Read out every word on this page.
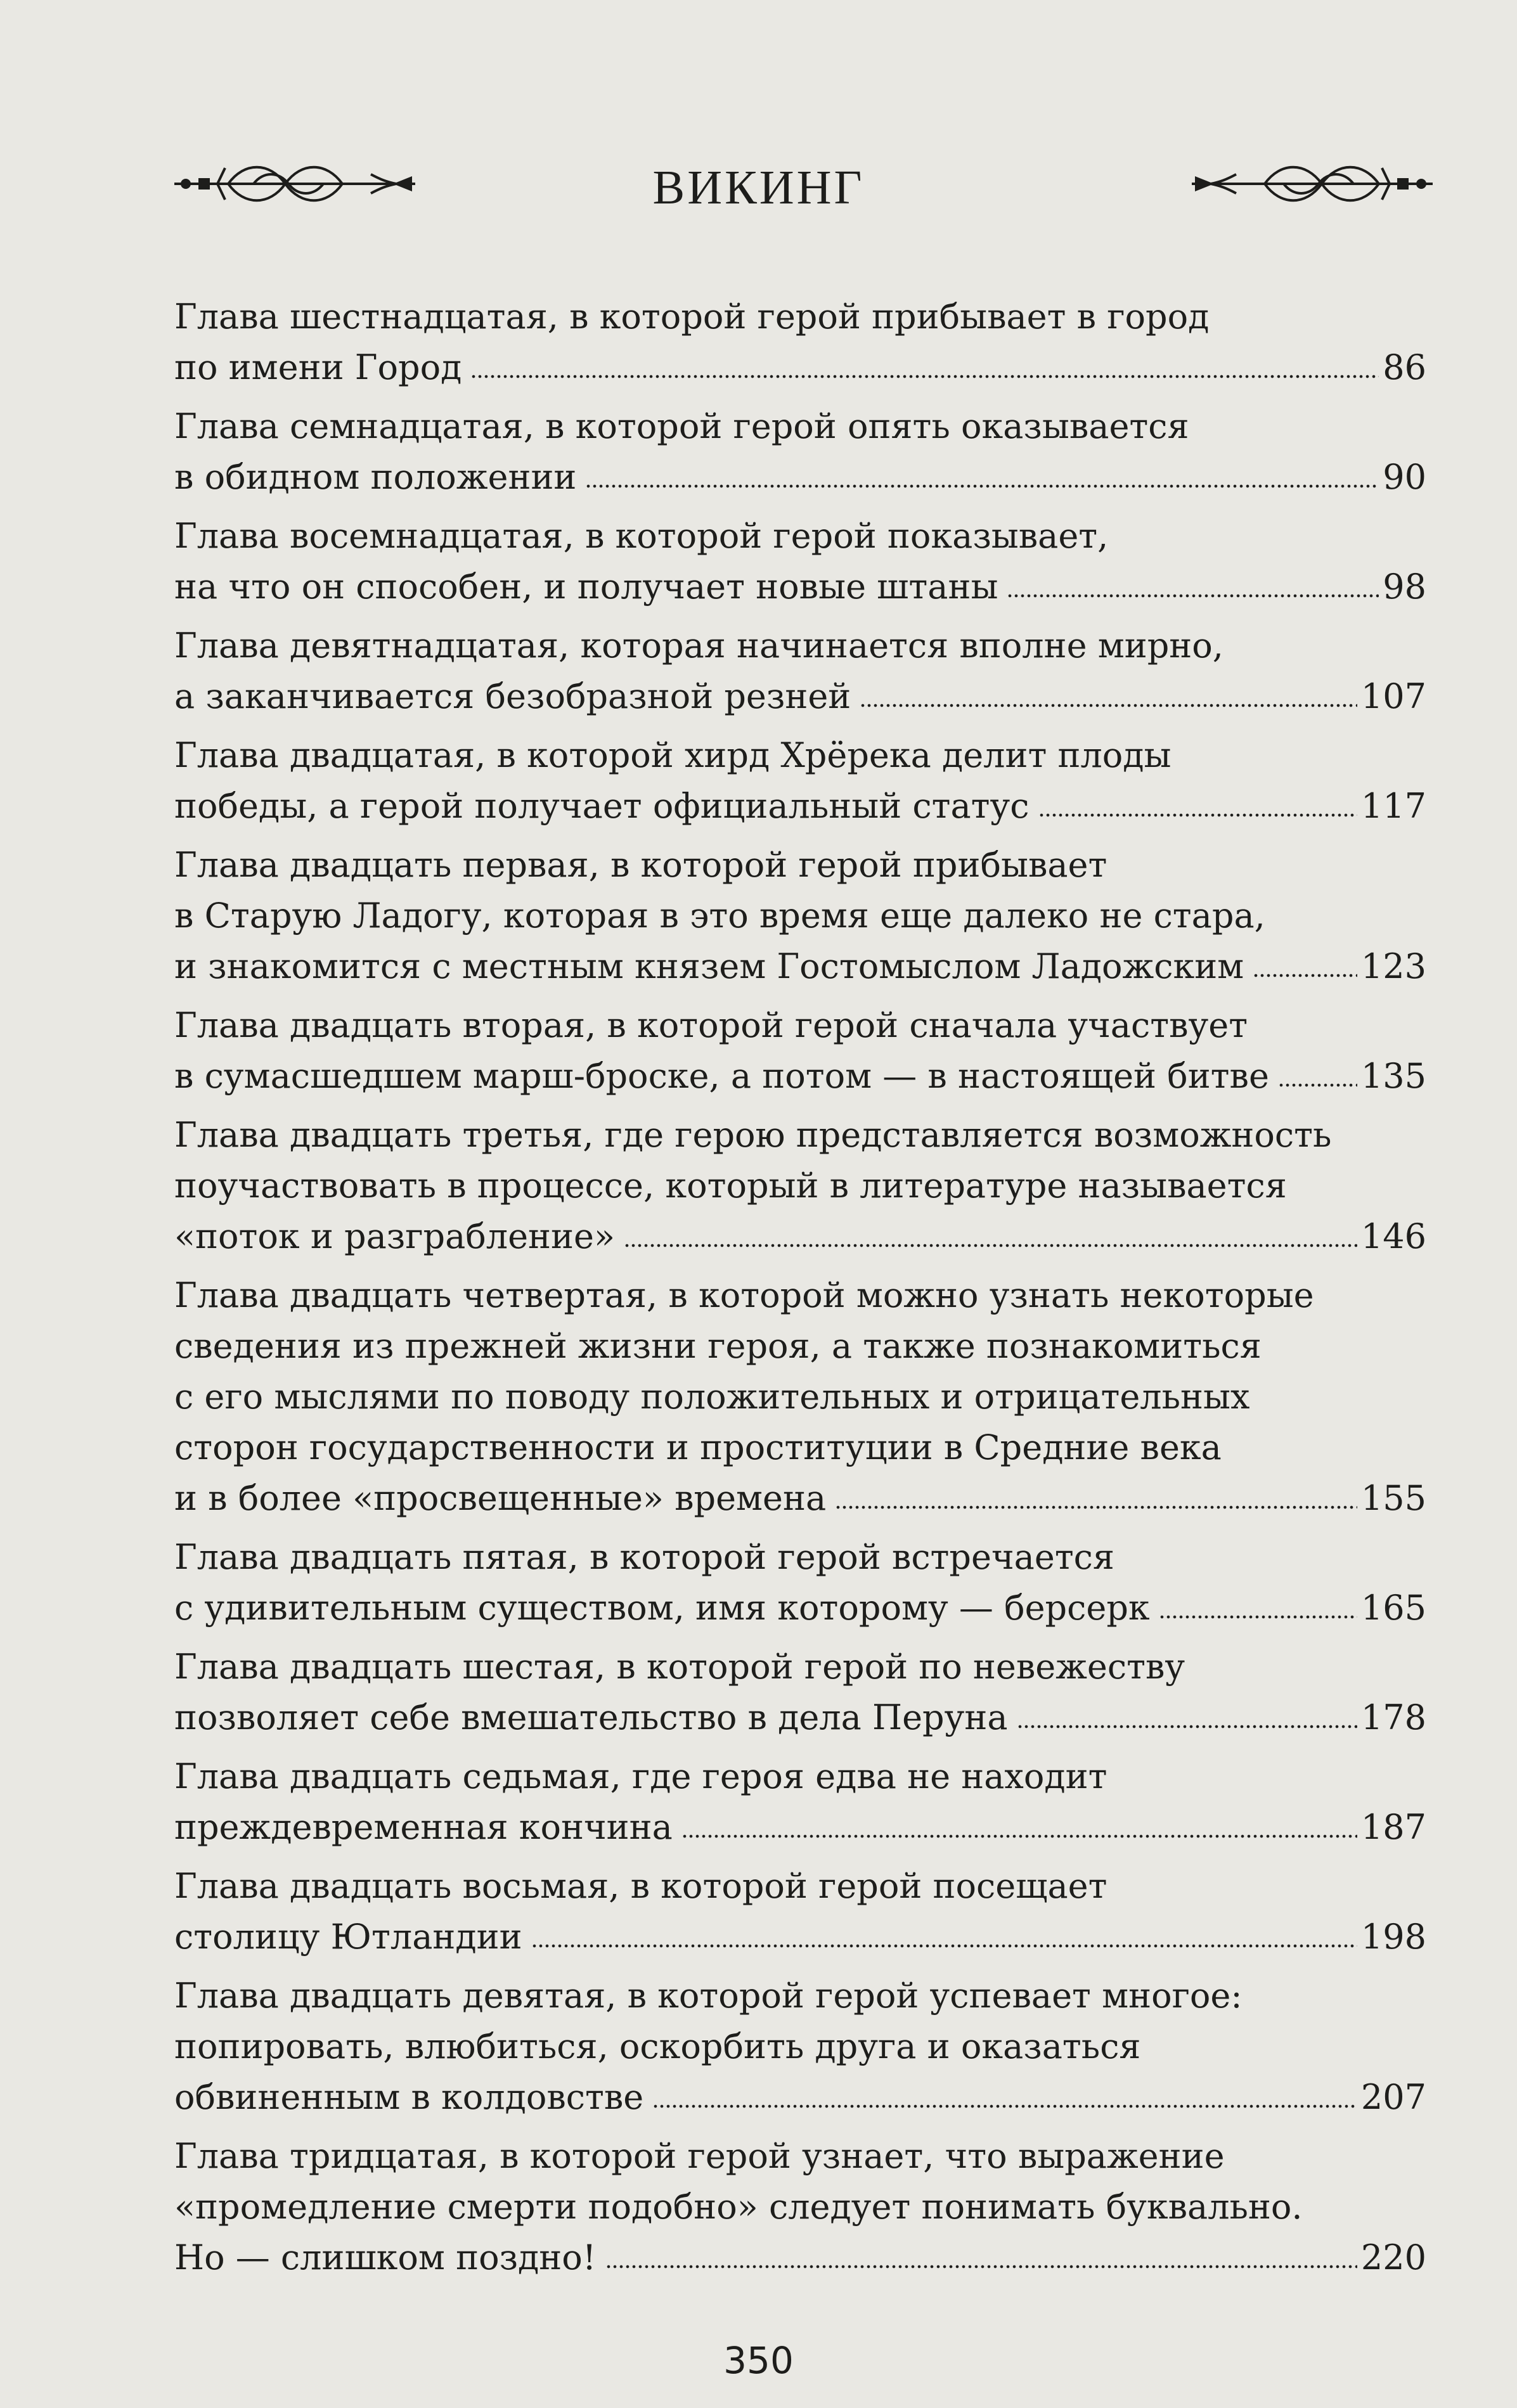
ВИКИНГ
Глава шестнадцатая, в которой герой прибывает в город
по имени Город	86
Глава семнадцатая, в которой герой опять оказывается
в обидном положении	90
Глава восемнадцатая, в которой герой показывает,
на что он способен, и получает новые штаны	98
Глава девятнадцатая, которая начинается вполне мирно,
а заканчивается безобразной резней	107
Глава двадцатая, в которой хирд Хрёрека делит плоды
победы, а герой получает официальный статус	117
Глава двадцать первая, в которой герой прибывает
в Старую Ладогу, которая в это время еще далеко не стара,
и знакомится с местным князем Гостомыслом Ладожским	123
Глава двадцать вторая, в которой герой сначала участвует
в сумасшедшем марш-броске, а потом — в настоящей битве	135
Глава двадцать третья, где герою представляется возможность
поучаствовать в процессе, который в литературе называется
«поток и разграбление»	146
Глава двадцать четвертая, в которой можно узнать некоторые
сведения из прежней жизни героя, а также познакомиться
с его мыслями по поводу положительных и отрицательных
сторон государственности и проституции в Средние века
и в более «просвещенные» времена	155
Глава двадцать пятая, в которой герой встречается
с удивительным существом, имя которому — берсерк	165
Глава двадцать шестая, в которой герой по невежеству
позволяет себе вмешательство в дела Перуна	178
Глава двадцать седьмая, где героя едва не находит
преждевременная кончина	187
Глава двадцать восьмая, в которой герой посещает
столицу Ютландии	198
Глава двадцать девятая, в которой герой успевает многое:
попировать, влюбиться, оскорбить друга и оказаться
обвиненным в колдовстве	207
Глава тридцатая, в которой герой узнает, что выражение
«промедление смерти подобно» следует понимать буквально.
Но — слишком поздно!	220
350
